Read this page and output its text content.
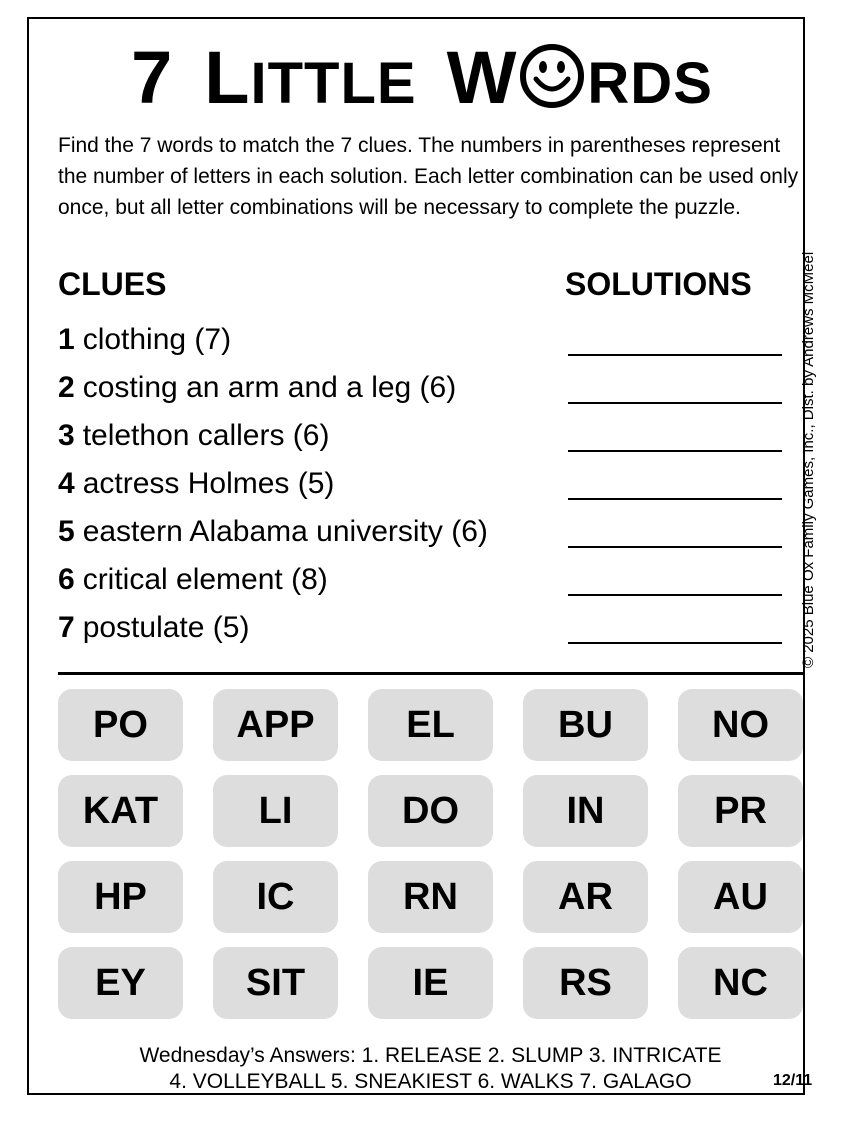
7 LITTLE W RDS

Find the 7 words to match the 7 clues. The numbers in parentheses represent the number of letters in each solution. Each letter combination can be used only once, but all letter combinations will be necessary to complete the puzzle.

© 2025 Blue Ox Family Games, Inc., Dist. by Andrews McMeel
CLUES	SOLUTIONS
1 clothing (7)
2 costing an arm and a leg (6)
3 telethon callers (6)
4 actress Holmes (5)
5 eastern Alabama university (6)
6 critical element (8)
7 postulate (5)
PO	APP	EL	BU	NO
KAT	LI	DO	IN	PR
HP	IC	RN	AR	AU
EY	SIT	IE	RS	NC
Wednesday’s Answers: 1. RELEASE 2. SLUMP 3. INTRICATE
4. VOLLEYBALL 5. SNEAKIEST 6. WALKS 7. GALAGO	12/11
